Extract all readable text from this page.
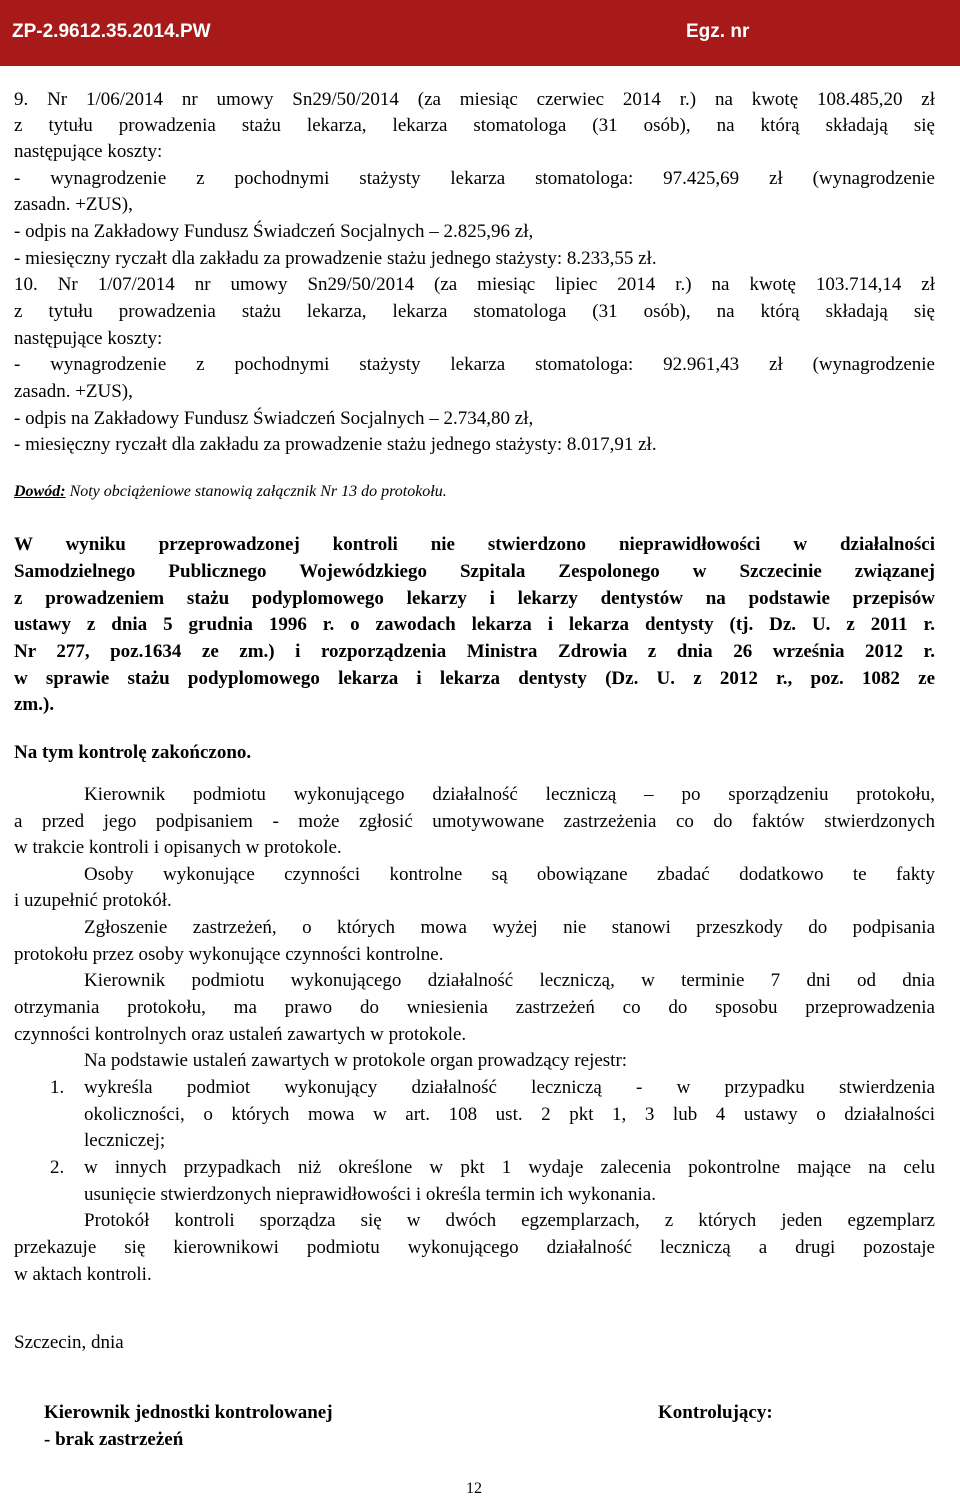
ZP-2.9612.35.2014.PW	Egz. nr
9. Nr 1/06/2014 nr umowy Sn29/50/2014 (za miesiąc czerwiec 2014 r.) na kwotę 108.485,20 zł
z tytułu prowadzenia stażu lekarza, lekarza stomatologa (31 osób), na którą składają się
następujące koszty:
- wynagrodzenie z pochodnymi stażysty lekarza stomatologa: 97.425,69 zł (wynagrodzenie
zasadn. +ZUS),
- odpis na Zakładowy Fundusz Świadczeń Socjalnych – 2.825,96 zł,
- miesięczny ryczałt dla zakładu za prowadzenie stażu jednego stażysty: 8.233,55 zł.
10. Nr 1/07/2014 nr umowy Sn29/50/2014 (za miesiąc lipiec 2014 r.) na kwotę 103.714,14 zł
z tytułu prowadzenia stażu lekarza, lekarza stomatologa (31 osób), na którą składają się
następujące koszty:
- wynagrodzenie z pochodnymi stażysty lekarza stomatologa: 92.961,43 zł (wynagrodzenie
zasadn. +ZUS),
- odpis na Zakładowy Fundusz Świadczeń Socjalnych – 2.734,80 zł,
- miesięczny ryczałt dla zakładu za prowadzenie stażu jednego stażysty: 8.017,91 zł.
Dowód: Noty obciążeniowe stanowią załącznik Nr 13 do protokołu.
W wyniku przeprowadzonej kontroli nie stwierdzono nieprawidłowości w działalności
Samodzielnego Publicznego Wojewódzkiego Szpitala Zespolonego w Szczecinie związanej
z prowadzeniem stażu podyplomowego lekarzy i lekarzy dentystów na podstawie przepisów
ustawy z dnia 5 grudnia 1996 r. o zawodach lekarza i lekarza dentysty (tj. Dz. U. z 2011 r.
Nr 277, poz.1634 ze zm.) i rozporządzenia Ministra Zdrowia z dnia 26 września 2012 r.
w sprawie stażu podyplomowego lekarza i lekarza dentysty (Dz. U. z 2012 r., poz. 1082 ze
zm.).
Na tym kontrolę zakończono.
Kierownik podmiotu wykonującego działalność leczniczą – po sporządzeniu protokołu,
a przed jego podpisaniem - może zgłosić umotywowane zastrzeżenia co do faktów stwierdzonych
w trakcie kontroli i opisanych w protokole.
Osoby wykonujące czynności kontrolne są obowiązane zbadać dodatkowo te fakty
i uzupełnić protokół.
Zgłoszenie zastrzeżeń, o których mowa wyżej nie stanowi przeszkody do podpisania
protokołu przez osoby wykonujące czynności kontrolne.
Kierownik podmiotu wykonującego działalność leczniczą, w terminie 7 dni od dnia
otrzymania protokołu, ma prawo do wniesienia zastrzeżeń co do sposobu przeprowadzenia
czynności kontrolnych oraz ustaleń zawartych w protokole.
Na podstawie ustaleń zawartych w protokole organ prowadzący rejestr:
1. wykreśla podmiot wykonujący działalność leczniczą - w przypadku stwierdzenia
okoliczności, o których mowa w art. 108 ust. 2 pkt 1, 3 lub 4 ustawy o działalności
leczniczej;
2. w innych przypadkach niż określone w pkt 1 wydaje zalecenia pokontrolne mające na celu
usunięcie stwierdzonych nieprawidłowości i określa termin ich wykonania.
Protokół kontroli sporządza się w dwóch egzemplarzach, z których jeden egzemplarz
przekazuje się kierownikowi podmiotu wykonującego działalność leczniczą a drugi pozostaje
w aktach kontroli.
Szczecin, dnia
Kierownik jednostki kontrolowanej
- brak zastrzeżeń
Kontrolujący:
12
